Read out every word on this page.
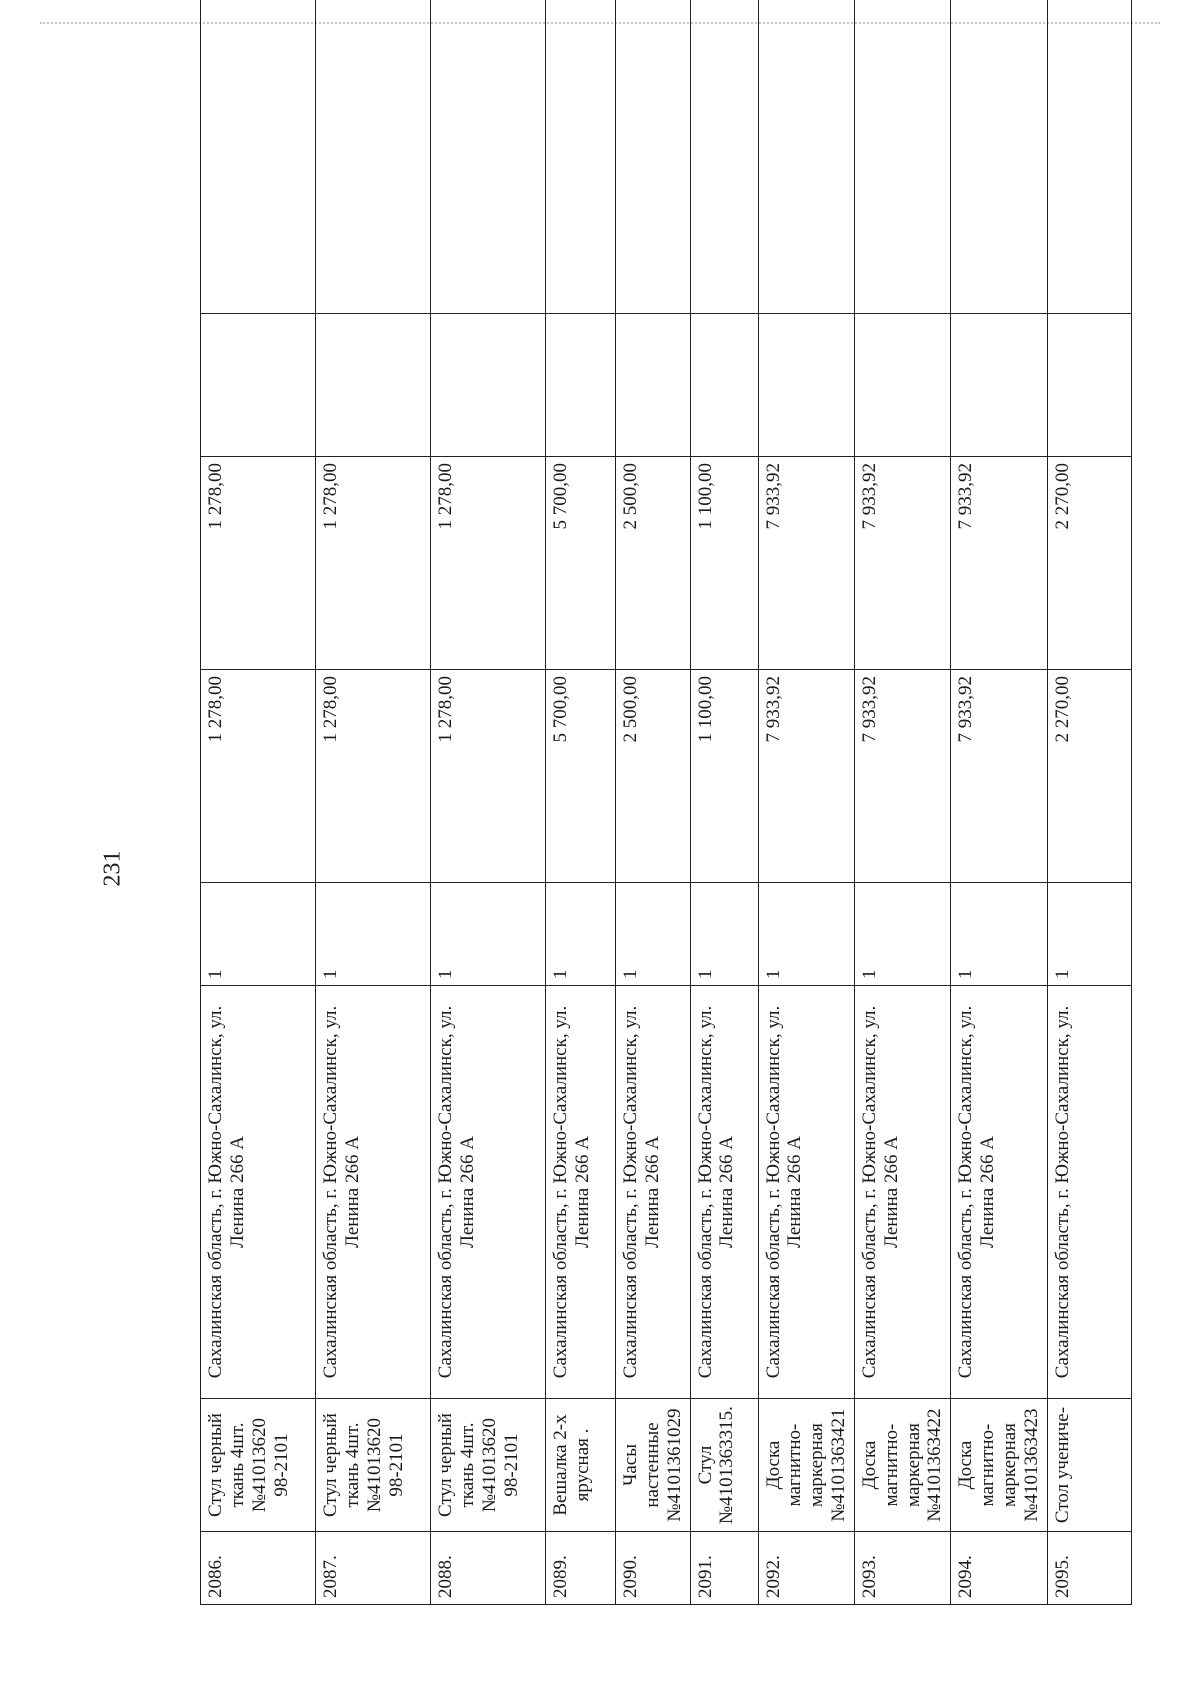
231
2086.	Стул черный ткань 4шт.№41013620 98-2101	Сахалинская область, г. Южно-Сахалинск, ул. Ленина 266 А	1	1 278,00	1 278,00		
2087.	Стул черный ткань 4шт.№41013620 98-2101	Сахалинская область, г. Южно-Сахалинск, ул. Ленина 266 А	1	1 278,00	1 278,00		
2088.	Стул черный ткань 4шт.№41013620 98-2101	Сахалинская область, г. Южно-Сахалинск, ул. Ленина 266 А	1	1 278,00	1 278,00		
2089.	Вешалка 2-х ярусная .	Сахалинская область, г. Южно-Сахалинск, ул. Ленина 266 А	1	5 700,00	5 700,00		
2090.	Часы настенные №4101361029	Сахалинская область, г. Южно-Сахалинск, ул. Ленина 266 А	1	2 500,00	2 500,00		
2091.	Стул №4101363315.	Сахалинская область, г. Южно-Сахалинск, ул. Ленина 266 А	1	1 100,00	1 100,00		
2092.	Доска магнитно-маркерная №4101363421	Сахалинская область, г. Южно-Сахалинск, ул. Ленина 266 А	1	7 933,92	7 933,92		
2093.	Доска магнитно-маркерная №4101363422	Сахалинская область, г. Южно-Сахалинск, ул. Ленина 266 А	1	7 933,92	7 933,92		
2094.	Доска магнитно-маркерная №4101363423	Сахалинская область, г. Южно-Сахалинск, ул. Ленина 266 А	1	7 933,92	7 933,92		
2095.	Стол учениче-	Сахалинская область, г. Южно-Сахалинск, ул.	1	2 270,00	2 270,00		
